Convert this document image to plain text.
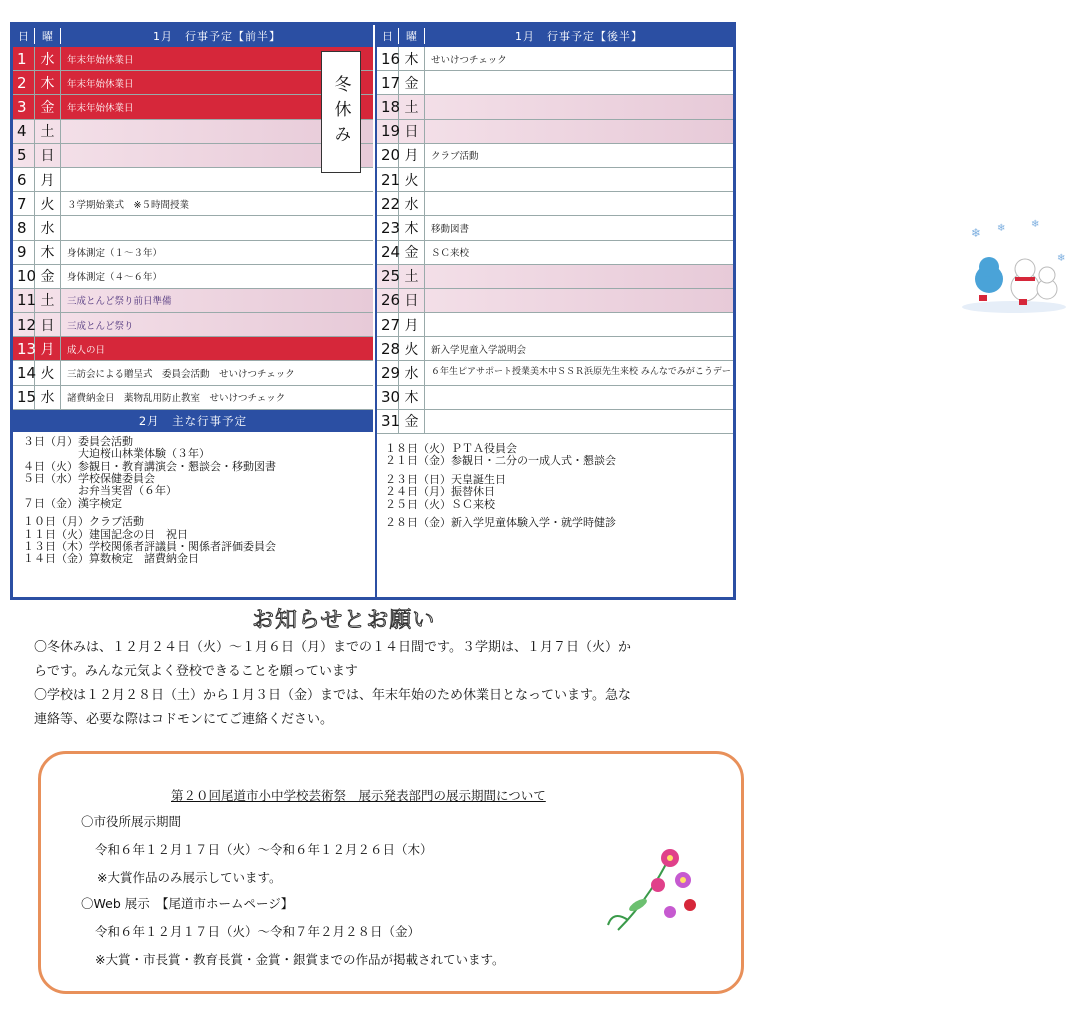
日	曜	1月　行事予定【前半】
1 水	年末年始休業日
2 木	年末年始休業日
3 金	年末年始休業日
4 土
5 日
6 月
7 火	３学期始業式　※５時間授業
8 水
9 木	身体測定（１～３年）
10 金	身体測定（４～６年）
11 土	三成とんど祭り前日準備
12 日	三成とんど祭り
13 月	成人の日
14 火	三訪会による贈呈式　委員会活動　せいけつチェック
15 水	諸費納金日　薬物乱用防止教室　せいけつチェック
2月　主な行事予定
３日（月）委員会活動
　　　　　大迫桜山林業体験（３年）
４日（火）参観日・教育講演会・懇談会・移動図書
５日（水）学校保健委員会
　　　　　お弁当実習（６年）
７日（金）漢字検定
１０日（月）クラブ活動
１１日（火）建国記念の日　祝日
１３日（木）学校関係者評議員・関係者評価委員会
１４日（金）算数検定　諸費納金日
冬休み
日	曜	1月　行事予定【後半】
16 木	せいけつチェック
17 金
18 土
19 日
20 月	クラブ活動
21 火
22 水
23 木	移動図書
24 金	ＳＣ来校
25 土
26 日
27 月
28 火	新入学児童入学説明会
29 水	６年生ピアサポート授業美木中ＳＳＲ浜原先生来校 みんなでみがこうデー
30 木
31 金
１８日（火）ＰＴＡ役員会
２１日（金）参観日・二分の一成人式・懇談会
２３日（日）天皇誕生日
２４日（月）振替休日
２５日（火）ＳＣ来校
２８日（金）新入学児童体験入学・就学時健診
❄ ❄	❄
❄
お知らせとお願い
〇冬休みは、１２月２４日（火）～１月６日（月）までの１４日間です。３学期は、１月７日（火）か
らです。みんな元気よく登校できることを願っています
〇学校は１２月２８日（土）から１月３日（金）までは、年末年始のため休業日となっています。急な
連絡等、必要な際はコドモンにてご連絡ください。
第２０回尾道市小中学校芸術祭　展示発表部門の展示期間について
〇市役所展示期間
令和６年１２月１７日（火）～令和６年１２月２６日（木）
※大賞作品のみ展示しています。
〇Web 展示　【尾道市ホームページ】
令和６年１２月１７日（火）～令和７年２月２８日（金）
※大賞・市長賞・教育長賞・金賞・銀賞までの作品が掲載されています。
